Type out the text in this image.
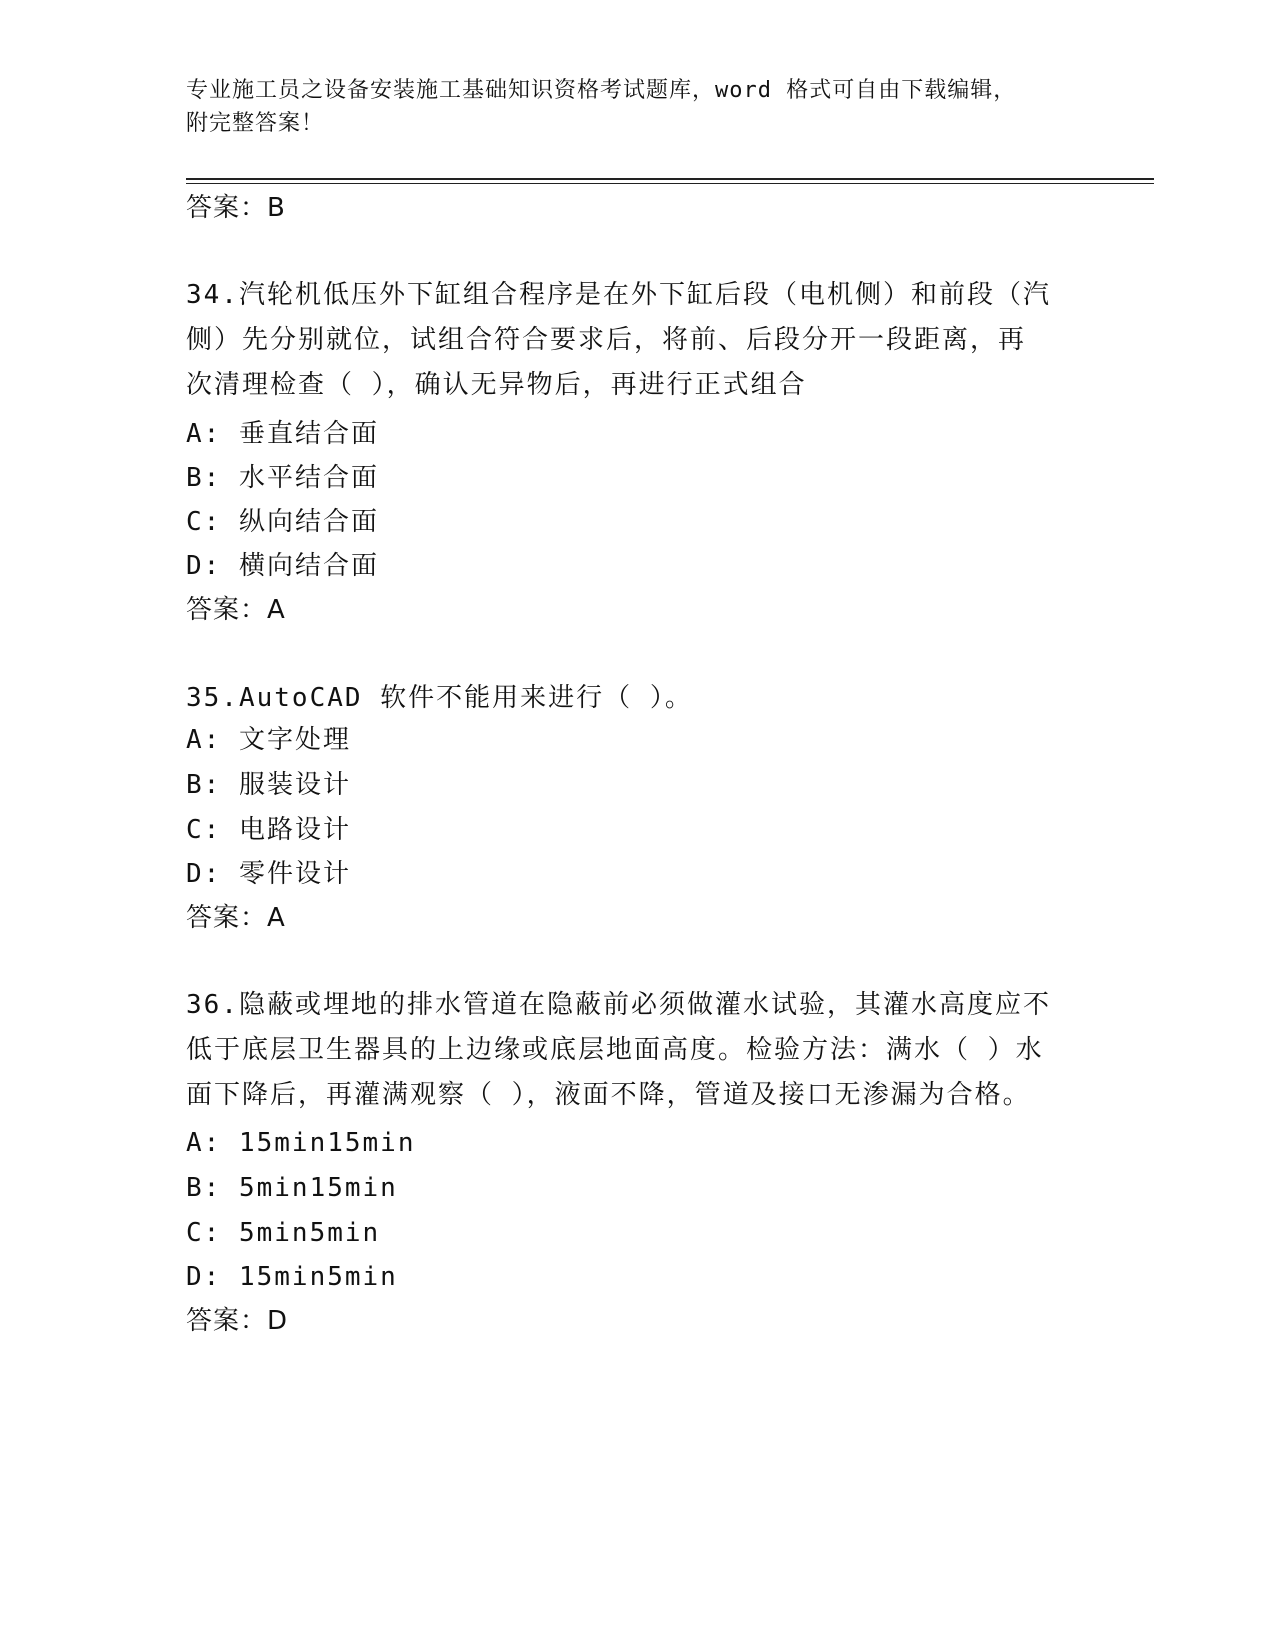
专业施工员之设备安装施工基础知识资格考试题库，word 格式可自由下载编辑，
附完整答案！
答案：B
34.汽轮机低压外下缸组合程序是在外下缸后段（电机侧）和前段（汽
侧）先分别就位，试组合符合要求后，将前、后段分开一段距离，再
次清理检查（ ），确认无异物后，再进行正式组合
A: 垂直结合面
B: 水平结合面
C: 纵向结合面
D: 横向结合面
答案：A
35.AutoCAD 软件不能用来进行（ ）。
A: 文字处理
B: 服装设计
C: 电路设计
D: 零件设计
答案：A
36.隐蔽或埋地的排水管道在隐蔽前必须做灌水试验，其灌水高度应不
低于底层卫生器具的上边缘或底层地面高度。检验方法：满水（ ）水
面下降后，再灌满观察（ ），液面不降，管道及接口无渗漏为合格。
A: 15min15min
B: 5min15min
C: 5min5min
D: 15min5min
答案：D
